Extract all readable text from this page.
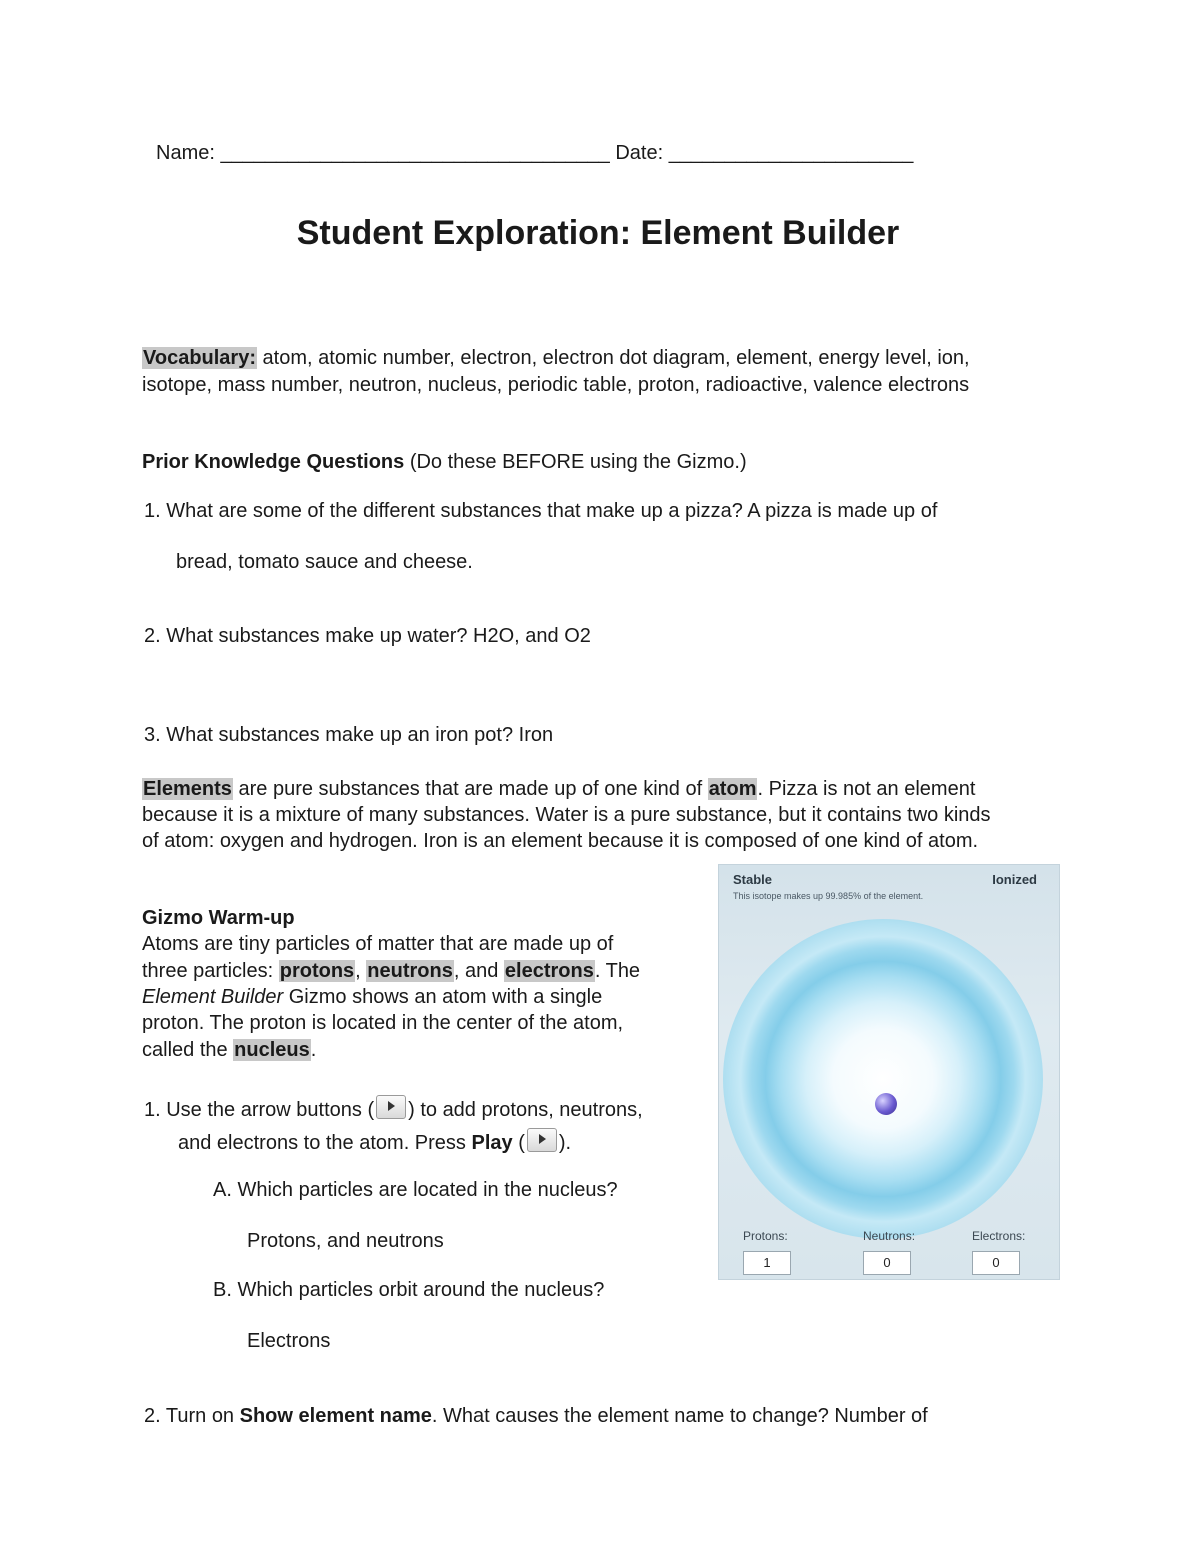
Name: ___________________________________ Date: ______________________
Student Exploration: Element Builder
Vocabulary: atom, atomic number, electron, electron dot diagram, element, energy level, ion,
isotope, mass number, neutron, nucleus, periodic table, proton, radioactive, valence electrons
Prior Knowledge Questions (Do these BEFORE using the Gizmo.)
1. What are some of the different substances that make up a pizza? A pizza is made up of
bread, tomato sauce and cheese.
2. What substances make up water? H2O, and O2
3. What substances make up an iron pot? Iron
Elements are pure substances that are made up of one kind of atom. Pizza is not an element
because it is a mixture of many substances. Water is a pure substance, but it contains two kinds
of atom: oxygen and hydrogen. Iron is an element because it is composed of one kind of atom.
Gizmo Warm-up
Atoms are tiny particles of matter that are made up of
three particles: protons, neutrons, and electrons. The
Element Builder Gizmo shows an atom with a single
proton. The proton is located in the center of the atom,
called the nucleus.
1. Use the arrow buttons ( ) to add protons, neutrons,
and electrons to the atom. Press Play ( ).
A. Which particles are located in the nucleus?
Protons, and neutrons
B. Which particles orbit around the nucleus?
Electrons
2. Turn on Show element name. What causes the element name to change? Number of
Stable	Ionized
This isotope makes up 99.985% of the element.
Protons:	Neutrons:	Electrons:
1	0	0
